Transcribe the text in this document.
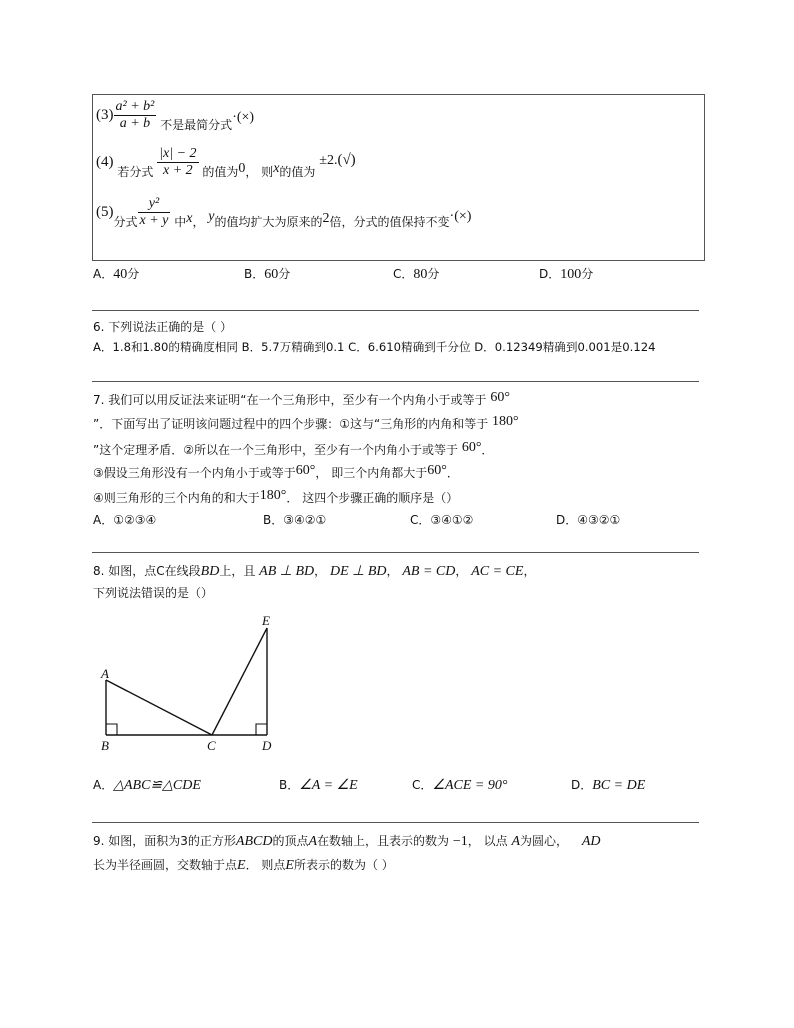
$(3) \frac{\text{a² + b²}}{a + b}$ 不是最简分式·(×)
(4) 若分式 $\frac{|x| - 2}{x + 2}$ 的值为0， 则x的值为 ±2.(√)
(5)分式 $\frac{\text{y²}}{x + y}$ 中x， y的值均扩大为原来的2倍，分式的值保持不变·(×)
A．40分	B．60分	C．80分	D．100分
6. 下列说法正确的是（ ）
A．1.8和1.80的精确度相同 B．5.7万精确到0.1 C．6.610精确到千分位 D．0.12349精确到0.001是0.124
7. 我们可以用反证法来证明“在一个三角形中，至少有一个内角小于或等于 60°
”．下面写出了证明该问题过程中的四个步骤：①这与“三角形的内角和等于 180°
”这个定理矛盾．②所以在一个三角形中，至少有一个内角小于或等于 60°．
③假设三角形没有一个内角小于或等于60°， 即三个内角都大于60°．
④则三角形的三个内角的和大于180°． 这四个步骤正确的顺序是（）
A．①②③④	B．③④②①	C．③④①②	D．④③②①
8. 如图，点C在线段BD上，且 AB ⊥ BD， DE ⊥ BD， AB = CD， AC = CE，
下列说法错误的是（）
A
B	C	D
E
A．△ABC≌△CDE	B．∠A = ∠E	C．∠ACE = 90°	D．BC = DE
9. 如图，面积为3的正方形ABCD的顶点A在数轴上，且表示的数为 −1， 以点 A为圆心， AD
长为半径画圆，交数轴于点E． 则点E所表示的数为（ ）
